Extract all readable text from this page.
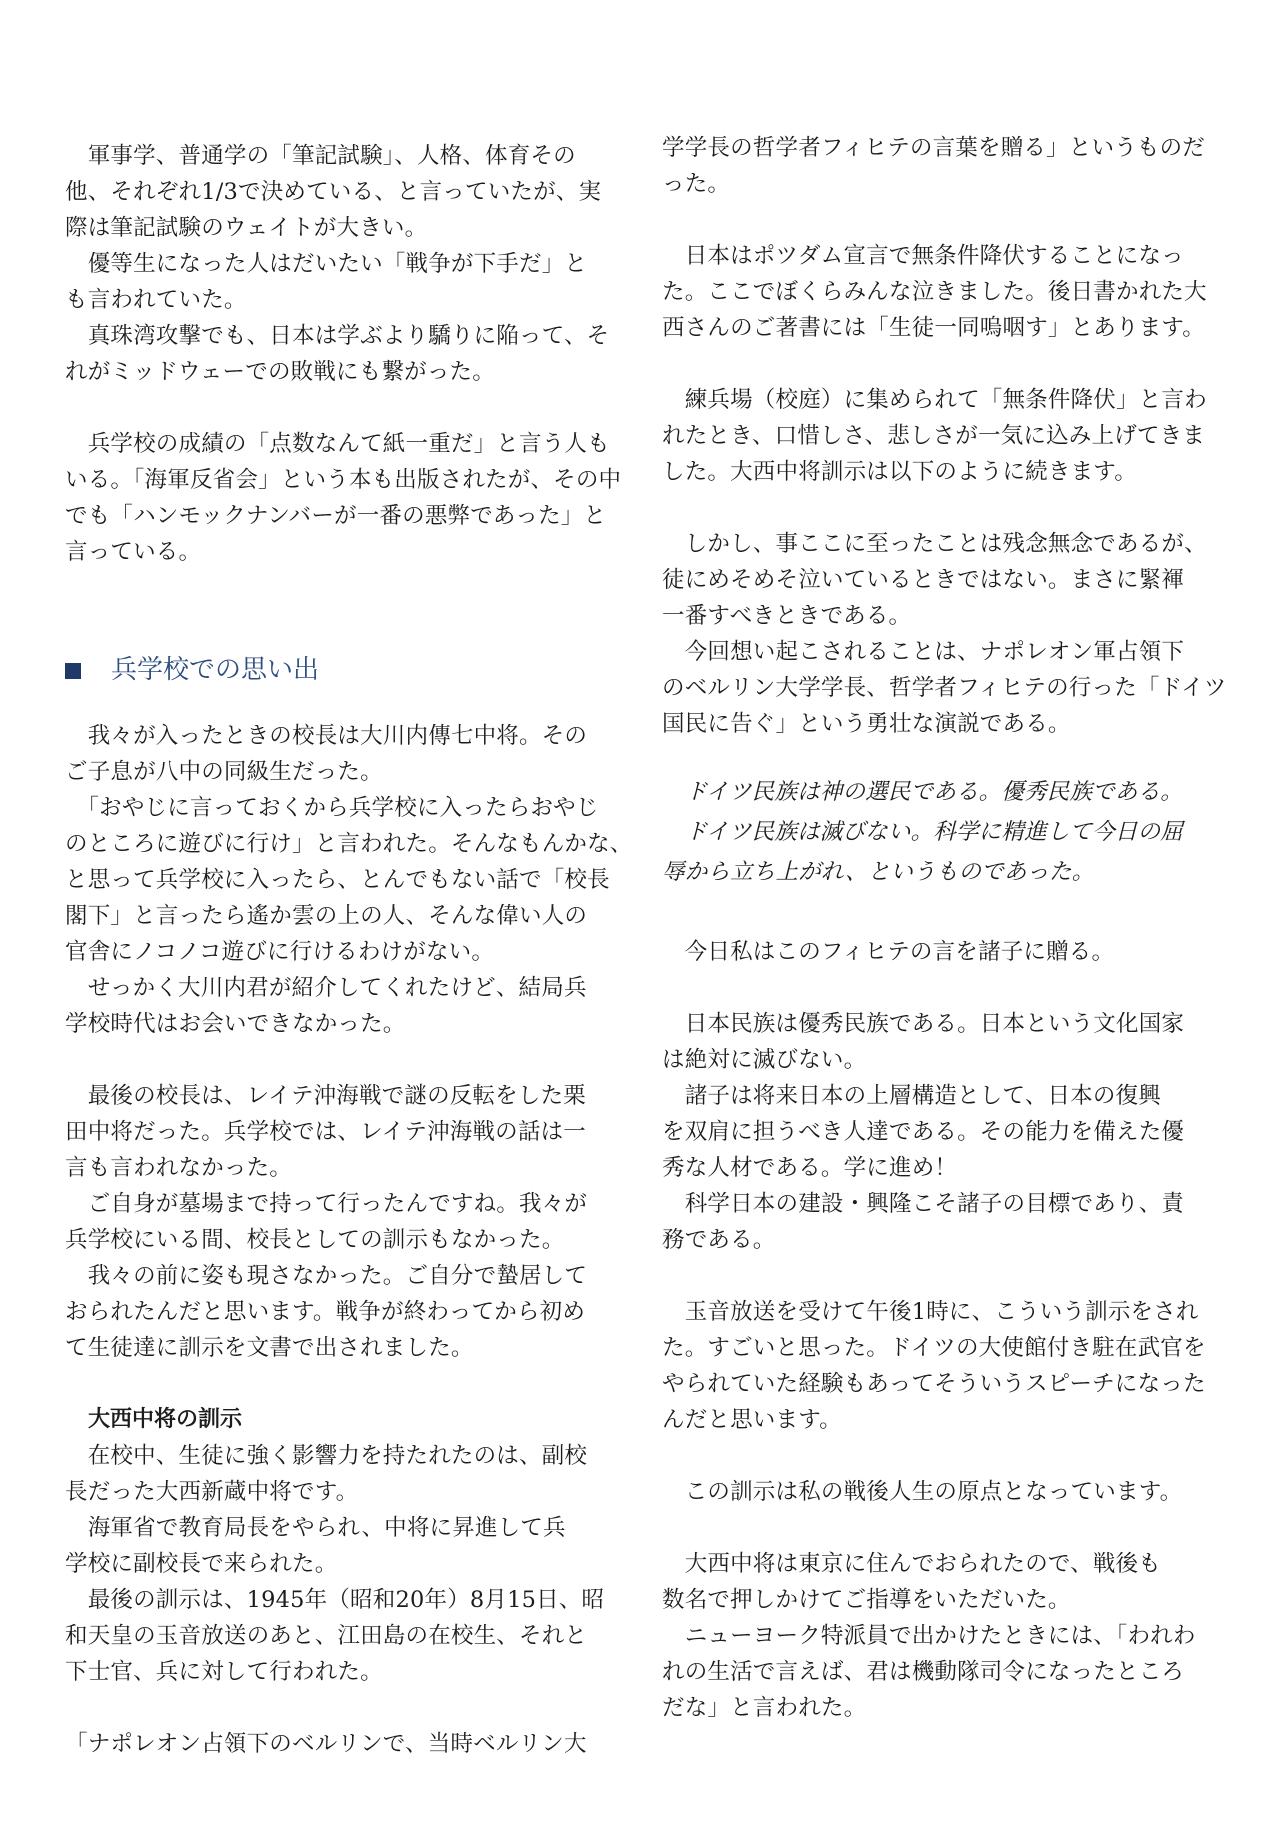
　軍事学、普通学の「筆記試験」、人格、体育その
他、それぞれ1/3で決めている、と言っていたが、実
際は筆記試験のウェイトが大きい。
　優等生になった人はだいたい「戦争が下手だ」と
も言われていた。
　真珠湾攻撃でも、日本は学ぶより驕りに陥って、そ
れがミッドウェーでの敗戦にも繋がった。
　兵学校の成績の「点数なんて紙一重だ」と言う人も
いる。「海軍反省会」という本も出版されたが、その中
でも「ハンモックナンバーが一番の悪弊であった」と
言っている。
兵学校での思い出
　我々が入ったときの校長は大川内傳七中将。その
ご子息が八中の同級生だった。
　「おやじに言っておくから兵学校に入ったらおやじ
のところに遊びに行け」と言われた。そんなもんかな、
と思って兵学校に入ったら、とんでもない話で「校長
閣下」と言ったら遙か雲の上の人、そんな偉い人の
官舎にノコノコ遊びに行けるわけがない。
　せっかく大川内君が紹介してくれたけど、結局兵
学校時代はお会いできなかった。
　最後の校長は、レイテ沖海戦で謎の反転をした栗
田中将だった。兵学校では、レイテ沖海戦の話は一
言も言われなかった。
　ご自身が墓場まで持って行ったんですね。我々が
兵学校にいる間、校長としての訓示もなかった。
　我々の前に姿も現さなかった。ご自分で蟄居して
おられたんだと思います。戦争が終わってから初め
て生徒達に訓示を文書で出されました。
大西中将の訓示
　在校中、生徒に強く影響力を持たれたのは、副校
長だった大西新蔵中将です。
　海軍省で教育局長をやられ、中将に昇進して兵
学校に副校長で来られた。
　最後の訓示は、1945年（昭和20年）8月15日、昭
和天皇の玉音放送のあと、江田島の在校生、それと
下士官、兵に対して行われた。
「ナポレオン占領下のベルリンで、当時ベルリン大
学学長の哲学者フィヒテの言葉を贈る」というものだ
った。
　日本はポツダム宣言で無条件降伏することになっ
た。ここでぼくらみんな泣きました。後日書かれた大
西さんのご著書には「生徒一同嗚咽す」とあります。
　練兵場（校庭）に集められて「無条件降伏」と言わ
れたとき、口惜しさ、悲しさが一気に込み上げてきま
した。大西中将訓示は以下のように続きます。
　しかし、事ここに至ったことは残念無念であるが、
徒にめそめそ泣いているときではない。まさに緊褌
一番すべきときである。
　今回想い起こされることは、ナポレオン軍占領下
のベルリン大学学長、哲学者フィヒテの行った「ドイツ
国民に告ぐ」という勇壮な演説である。
　ドイツ民族は神の選民である。優秀民族である。
　ドイツ民族は滅びない。科学に精進して今日の屈
辱から立ち上がれ、というものであった。
　今日私はこのフィヒテの言を諸子に贈る。
　日本民族は優秀民族である。日本という文化国家
は絶対に滅びない。
　諸子は将来日本の上層構造として、日本の復興
を双肩に担うべき人達である。その能力を備えた優
秀な人材である。学に進め！
　科学日本の建設・興隆こそ諸子の目標であり、責
務である。
　玉音放送を受けて午後1時に、こういう訓示をされ
た。すごいと思った。ドイツの大使館付き駐在武官を
やられていた経験もあってそういうスピーチになった
んだと思います。
　この訓示は私の戦後人生の原点となっています。
　大西中将は東京に住んでおられたので、戦後も
数名で押しかけてご指導をいただいた。
　ニューヨーク特派員で出かけたときには、「われわ
れの生活で言えば、君は機動隊司令になったところ
だな」と言われた。
